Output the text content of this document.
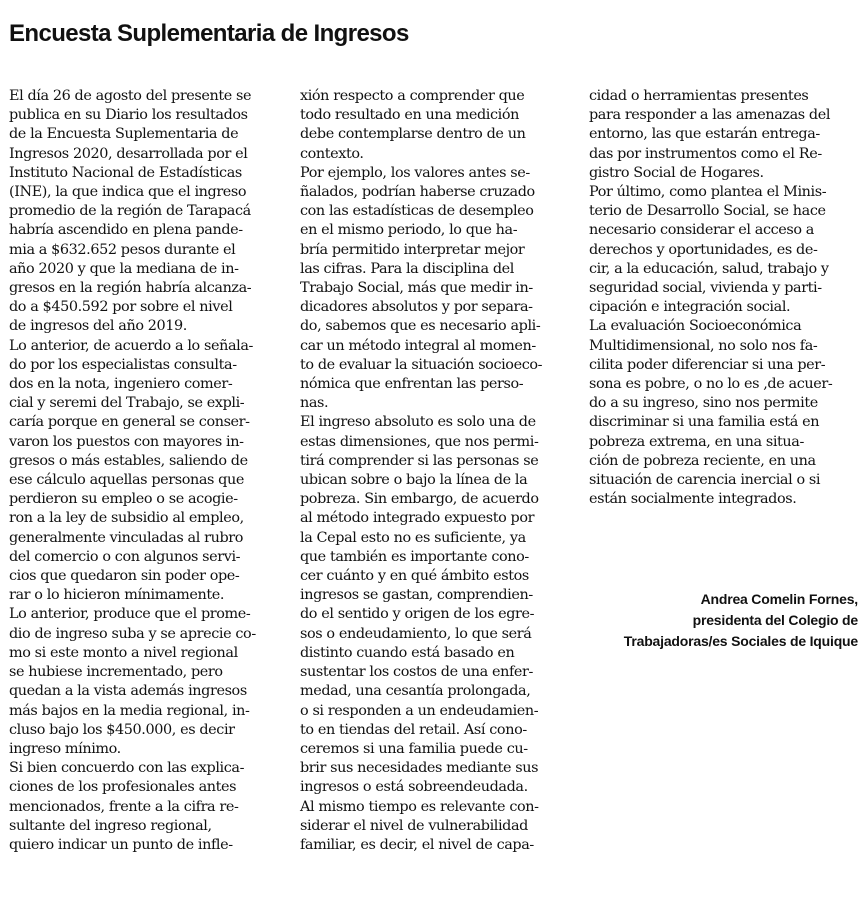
Encuesta Suplementaria de Ingresos

El día 26 de agosto del presente se

publica en su Diario los resultados

de la Encuesta Suplementaria de

Ingresos 2020, desarrollada por el

Instituto Nacional de Estadísticas

(INE), la que indica que el ingreso

promedio de la región de Tarapacá

habría ascendido en plena pande-

mia a $632.652 pesos durante el

año 2020 y que la mediana de in-

gresos en la región habría alcanza-

do a $450.592 por sobre el nivel

de ingresos del año 2019.

Lo anterior, de acuerdo a lo señala-

do por los especialistas consulta-

dos en la nota, ingeniero comer-

cial y seremi del Trabajo, se expli-

caría porque en general se conser-

varon los puestos con mayores in-

gresos o más estables, saliendo de

ese cálculo aquellas personas que

perdieron su empleo o se acogie-

ron a la ley de subsidio al empleo,

generalmente vinculadas al rubro

del comercio o con algunos servi-

cios que quedaron sin poder ope-

rar o lo hicieron mínimamente.

Lo anterior, produce que el prome-

dio de ingreso suba y se aprecie co-

mo si este monto a nivel regional

se hubiese incrementado, pero

quedan a la vista además ingresos

más bajos en la media regional, in-

cluso bajo los $450.000, es decir

ingreso mínimo.

Si bien concuerdo con las explica-

ciones de los profesionales antes

mencionados, frente a la cifra re-

sultante del ingreso regional,

quiero indicar un punto de infle-

xión respecto a comprender que

todo resultado en una medición

debe contemplarse dentro de un

contexto.

Por ejemplo, los valores antes se-

ñalados, podrían haberse cruzado

con las estadísticas de desempleo

en el mismo periodo, lo que ha-

bría permitido interpretar mejor

las cifras. Para la disciplina del

Trabajo Social, más que medir in-

dicadores absolutos y por separa-

do, sabemos que es necesario apli-

car un método integral al momen-

to de evaluar la situación socioeco-

nómica que enfrentan las perso-

nas.

El ingreso absoluto es solo una de

estas dimensiones, que nos permi-

tirá comprender si las personas se

ubican sobre o bajo la línea de la

pobreza. Sin embargo, de acuerdo

al método integrado expuesto por

la Cepal esto no es suficiente, ya

que también es importante cono-

cer cuánto y en qué ámbito estos

ingresos se gastan, comprendien-

do el sentido y origen de los egre-

sos o endeudamiento, lo que será

distinto cuando está basado en

sustentar los costos de una enfer-

medad, una cesantía prolongada,

o si responden a un endeudamien-

to en tiendas del retail. Así cono-

ceremos si una familia puede cu-

brir sus necesidades mediante sus

ingresos o está sobreendeudada.

Al mismo tiempo es relevante con-

siderar el nivel de vulnerabilidad

familiar, es decir, el nivel de capa-

cidad o herramientas presentes

para responder a las amenazas del

entorno, las que estarán entrega-

das por instrumentos como el Re-

gistro Social de Hogares.

Por último, como plantea el Minis-

terio de Desarrollo Social, se hace

necesario considerar el acceso a

derechos y oportunidades, es de-

cir, a la educación, salud, trabajo y

seguridad social, vivienda y parti-

cipación e integración social.

La evaluación Socioeconómica

Multidimensional, no solo nos fa-

cilita poder diferenciar si una per-

sona es pobre, o no lo es ,de acuer-

do a su ingreso, sino nos permite

discriminar si una familia está en

pobreza extrema, en una situa-

ción de pobreza reciente, en una

situación de carencia inercial o si

están socialmente integrados.

Andrea Comelin Fornes,
presidenta del Colegio de
Trabajadoras/es Sociales de Iquique
